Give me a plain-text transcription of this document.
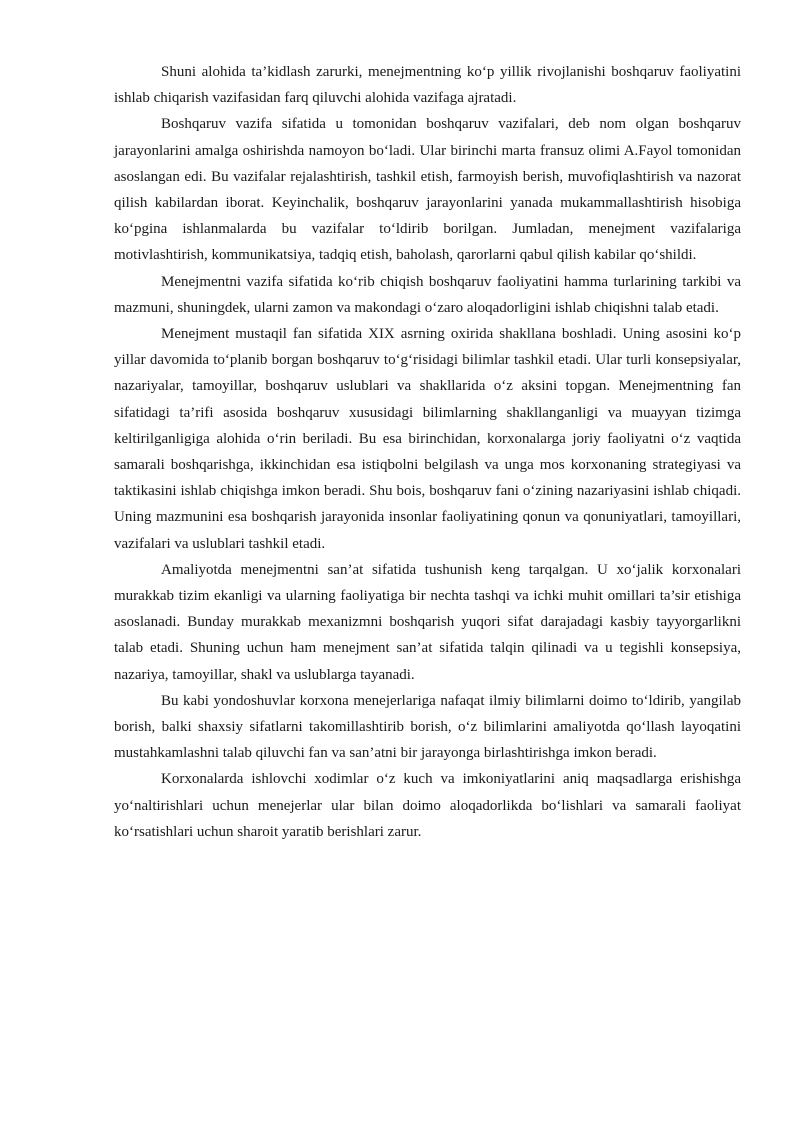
Shuni alohida ta’kidlash zarurki, menejmentning ko‘p yillik rivojlanishi boshqaruv faoliyatini ishlab chiqarish vazifasidan farq qiluvchi alohida vazifaga ajratadi.

Boshqaruv vazifa sifatida u tomonidan boshqaruv vazifalari, deb nom olgan boshqaruv jarayonlarini amalga oshirishda namoyon bo‘ladi. Ular birinchi marta fransuz olimi A.Fayol tomonidan asoslangan edi. Bu vazifalar rejalashtirish, tashkil etish, farmoyish berish, muvofiqlashtirish va nazorat qilish kabilardan iborat. Keyinchalik, boshqaruv jarayonlarini yanada mukammallashtirish hisobiga ko‘pgina ishlanmalarda bu vazifalar to‘ldirib borilgan. Jumladan, menejment vazifalariga motivlashtirish, kommunikatsiya, tadqiq etish, baholash, qarorlarni qabul qilish kabilar qo‘shildi.

Menejmentni vazifa sifatida ko‘rib chiqish boshqaruv faoliyatini hamma turlarining tarkibi va mazmuni, shuningdek, ularni zamon va makondagi o‘zaro aloqadorligini ishlab chiqishni talab etadi.

Menejment mustaqil fan sifatida XIX asrning oxirida shakllana boshladi. Uning asosini ko‘p yillar davomida to‘planib borgan boshqaruv to‘g‘risidagi bilimlar tashkil etadi. Ular turli konsepsiyalar, nazariyalar, tamoyillar, boshqaruv uslublari va shakllarida o‘z aksini topgan. Menejmentning fan sifatidagi ta’rifi asosida boshqaruv xususidagi bilimlarning shakllanganligi va muayyan tizimga keltirilganligiga alohida o‘rin beriladi. Bu esa birinchidan, korxonalarga joriy faoliyatni o‘z vaqtida samarali boshqarishga, ikkinchidan esa istiqbolni belgilash va unga mos korxonaning strategiyasi va taktikasini ishlab chiqishga imkon beradi. Shu bois, boshqaruv fani o‘zining nazariyasini ishlab chiqadi. Uning mazmunini esa boshqarish jarayonida insonlar faoliyatining qonun va qonuniyatlari, tamoyillari, vazifalari va uslublari tashkil etadi.

Amaliyotda menejmentni san’at sifatida tushunish keng tarqalgan. U xo‘jalik korxonalari murakkab tizim ekanligi va ularning faoliyatiga bir nechta tashqi va ichki muhit omillari ta’sir etishiga asoslanadi. Bunday murakkab mexanizmni boshqarish yuqori sifat darajadagi kasbiy tayyorgarlikni talab etadi. Shuning uchun ham menejment san’at sifatida talqin qilinadi va u tegishli konsepsiya, nazariya, tamoyillar, shakl va uslublarga tayanadi.

Bu kabi yondoshuvlar korxona menejerlariga nafaqat ilmiy bilimlarni doimo to‘ldirib, yangilab borish, balki shaxsiy sifatlarni takomillashtirib borish, o‘z bilimlarini amaliyotda qo‘llash layoqatini mustahkamlashni talab qiluvchi fan va san’atni bir jarayonga birlashtirishga imkon beradi.

Korxonalarda ishlovchi xodimlar o‘z kuch va imkoniyatlarini aniq maqsadlarga erishishga yo‘naltirishlari uchun menejerlar ular bilan doimo aloqadorlikda bo‘lishlari va samarali faoliyat ko‘rsatishlari uchun sharoit yaratib berishlari zarur.
